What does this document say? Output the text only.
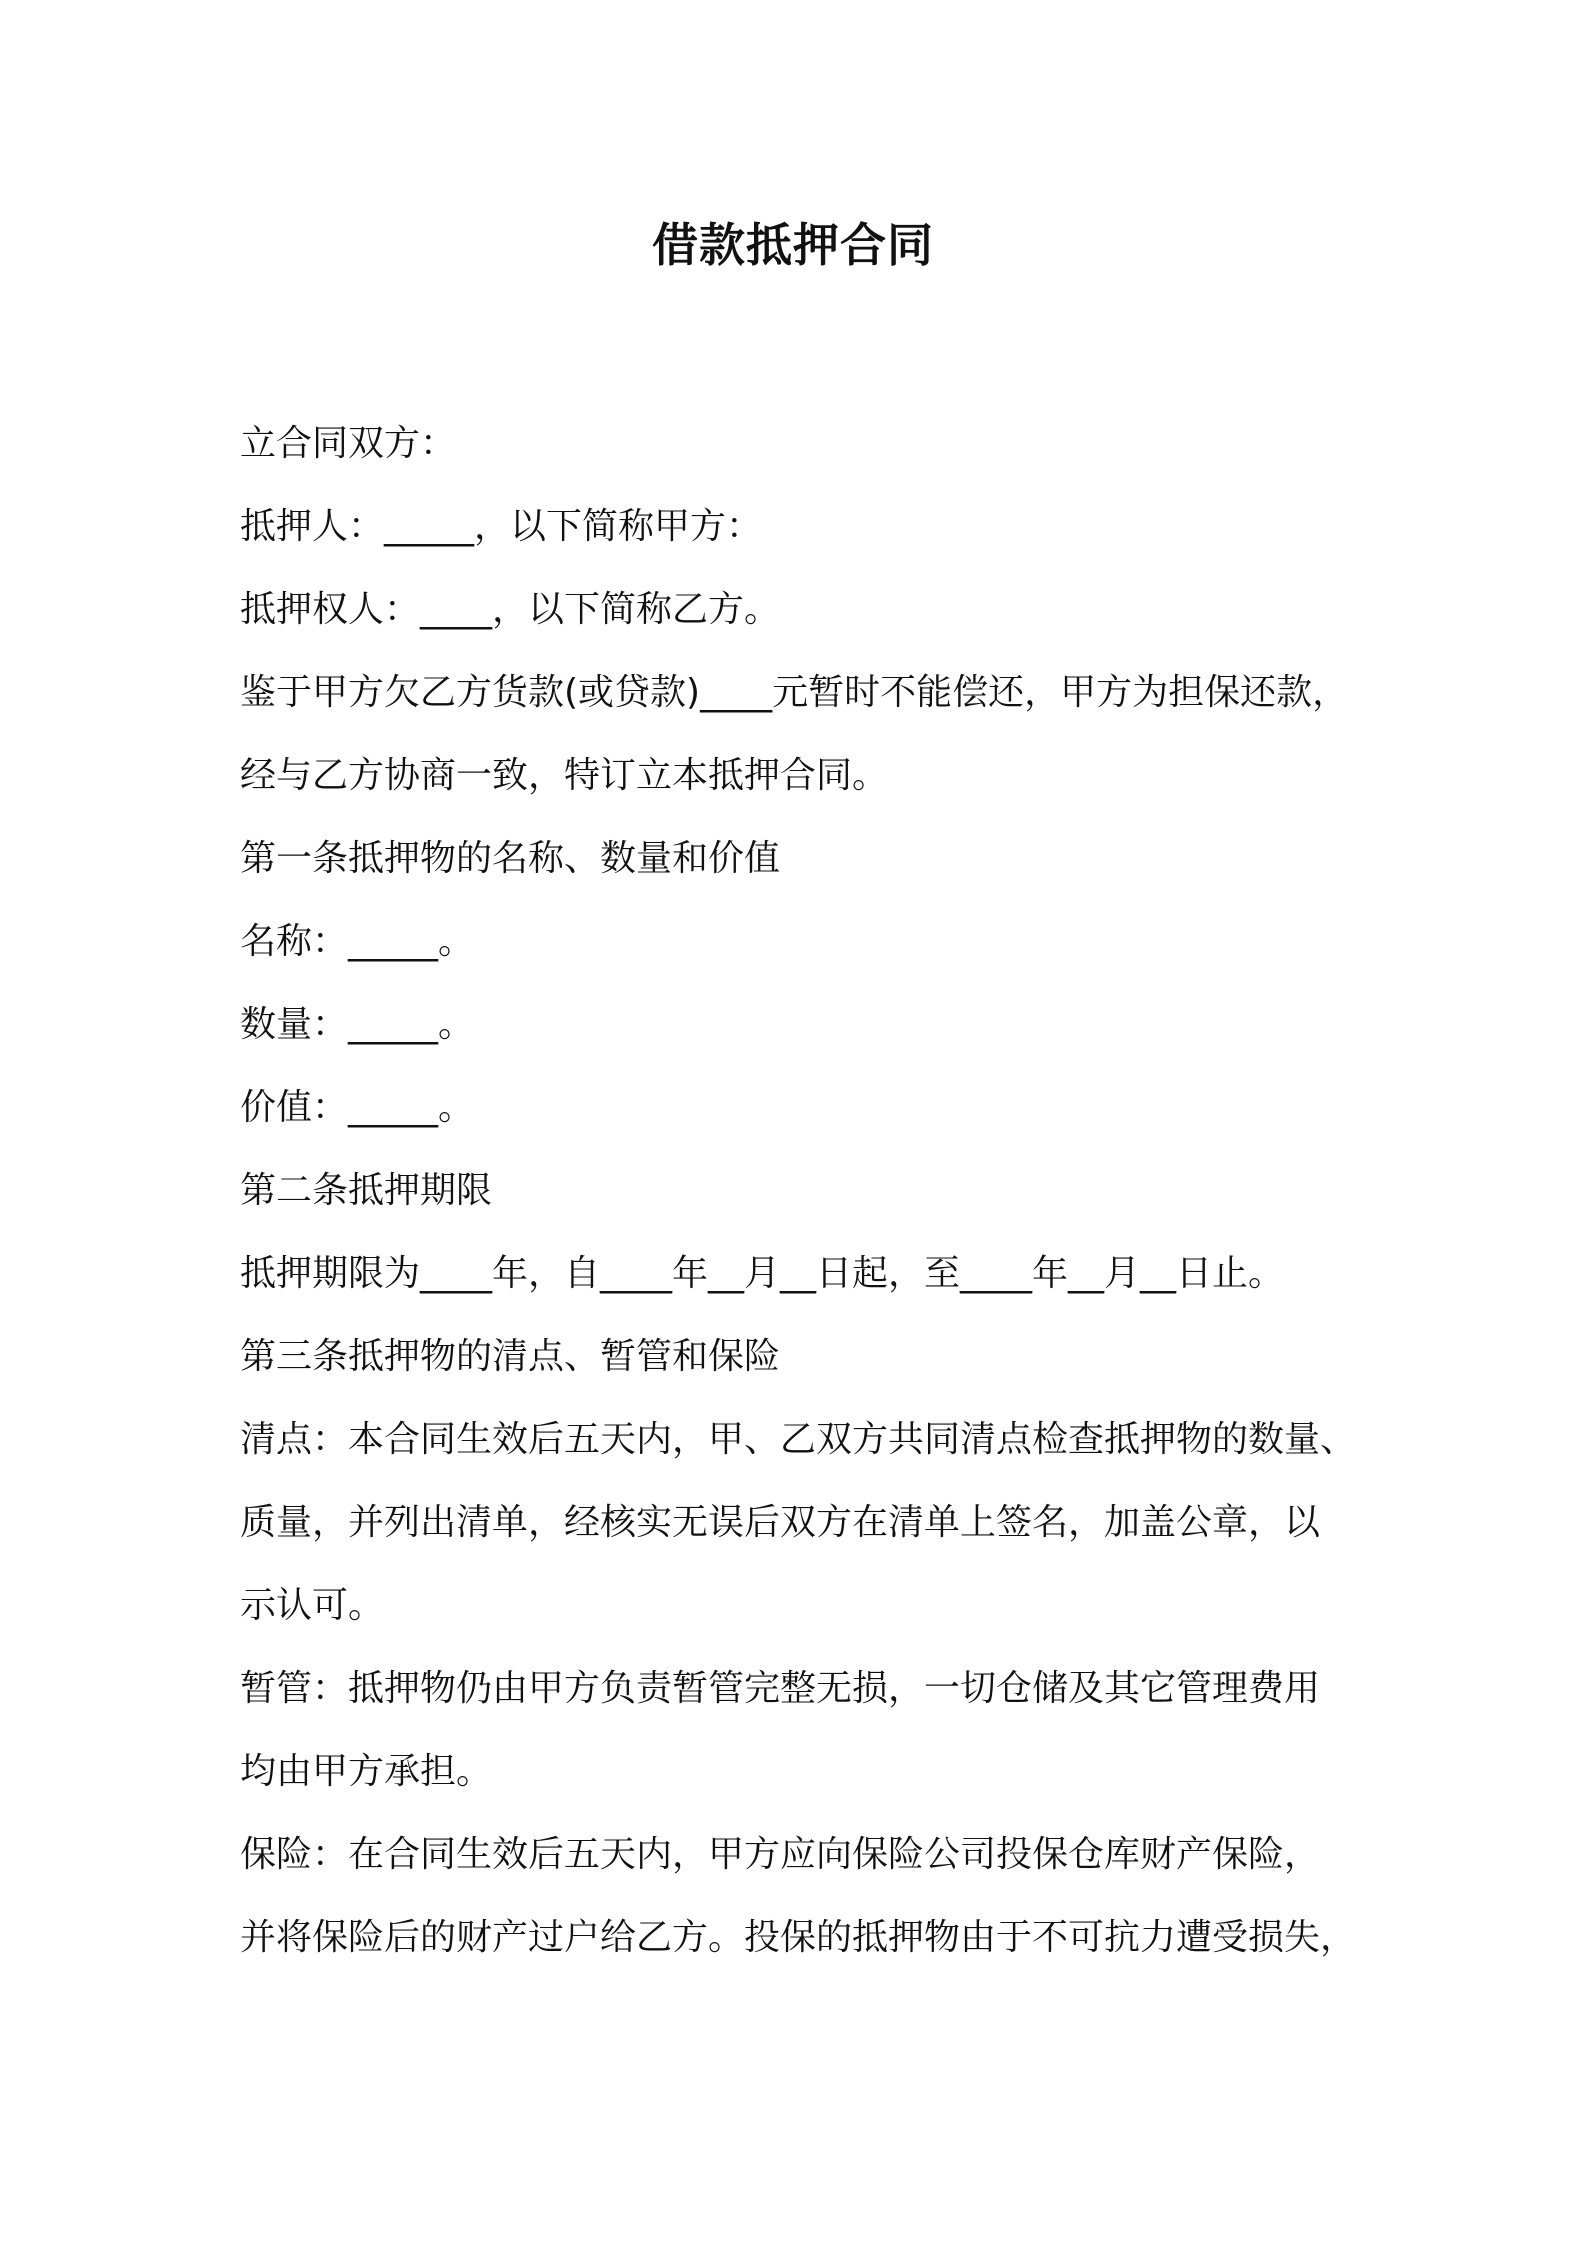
借款抵押合同

立合同双方：

抵押人：_____，以下简称甲方：

抵押权人：____，以下简称乙方。

鉴于甲方欠乙方货款(或贷款)____元暂时不能偿还，甲方为担保还款，

经与乙方协商一致，特订立本抵押合同。

第一条抵押物的名称、数量和价值

名称：_____。

数量：_____。

价值：_____。

第二条抵押期限

抵押期限为____年，自____年__月__日起，至____年__月__日止。

第三条抵押物的清点、暂管和保险

清点：本合同生效后五天内，甲、乙双方共同清点检查抵押物的数量、

质量，并列出清单，经核实无误后双方在清单上签名，加盖公章，以

示认可。

暂管：抵押物仍由甲方负责暂管完整无损，一切仓储及其它管理费用

均由甲方承担。

保险：在合同生效后五天内，甲方应向保险公司投保仓库财产保险，

并将保险后的财产过户给乙方。投保的抵押物由于不可抗力遭受损失，
